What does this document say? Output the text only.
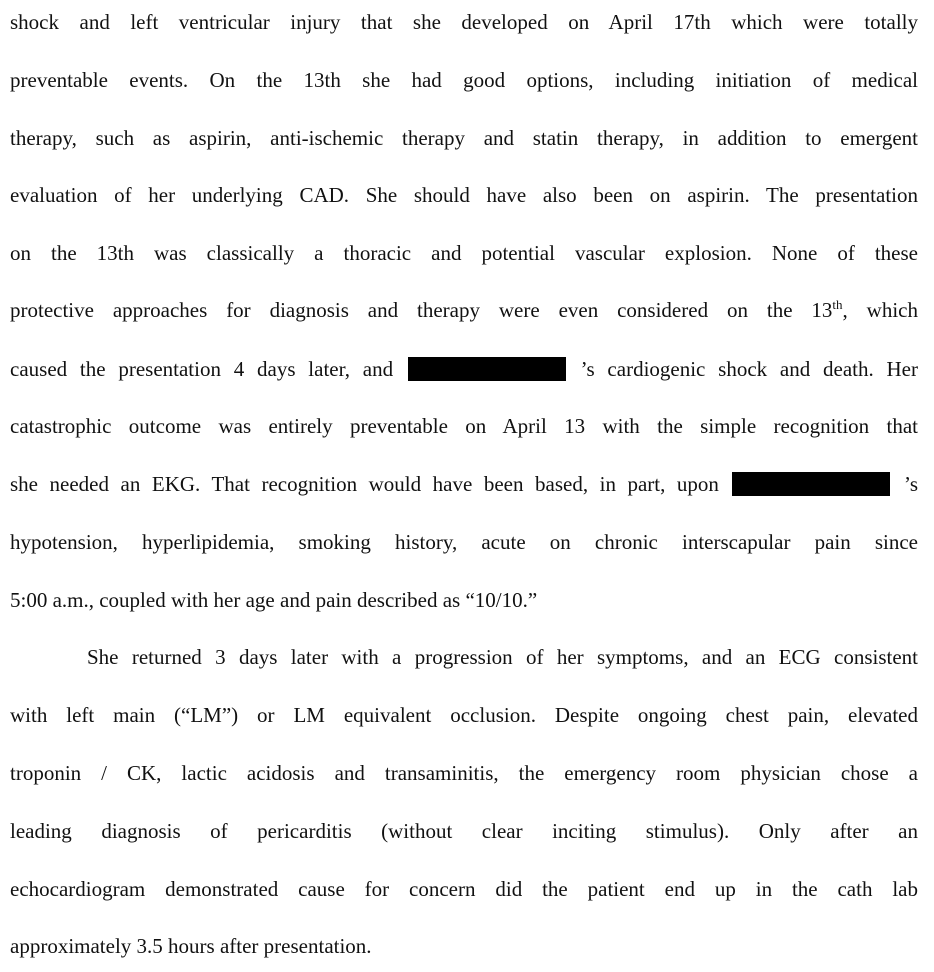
shock and left ventricular injury that she developed on April 17th which were totally
preventable events. On the 13th she had good options, including initiation of medical
therapy, such as aspirin, anti-ischemic therapy and statin therapy, in addition to emergent
evaluation of her underlying CAD. She should have also been on aspirin. The presentation
on the 13th was classically a thoracic and potential vascular explosion. None of these
protective approaches for diagnosis and therapy were even considered on the 13th, which
caused the presentation 4 days later, and	’s cardiogenic shock and death. Her
catastrophic outcome was entirely preventable on April 13 with the simple recognition that
she needed an EKG. That recognition would have been based, in part, upon	’s
hypotension, hyperlipidemia, smoking history, acute on chronic interscapular pain since
5:00 a.m., coupled with her age and pain described as “10/10.”
She returned 3 days later with a progression of her symptoms, and an ECG consistent
with left main (“LM”) or LM equivalent occlusion. Despite ongoing chest pain, elevated
troponin / CK, lactic acidosis and transaminitis, the emergency room physician chose a
leading diagnosis of pericarditis (without clear inciting stimulus). Only after an
echocardiogram demonstrated cause for concern did the patient end up in the cath lab
approximately 3.5 hours after presentation.
